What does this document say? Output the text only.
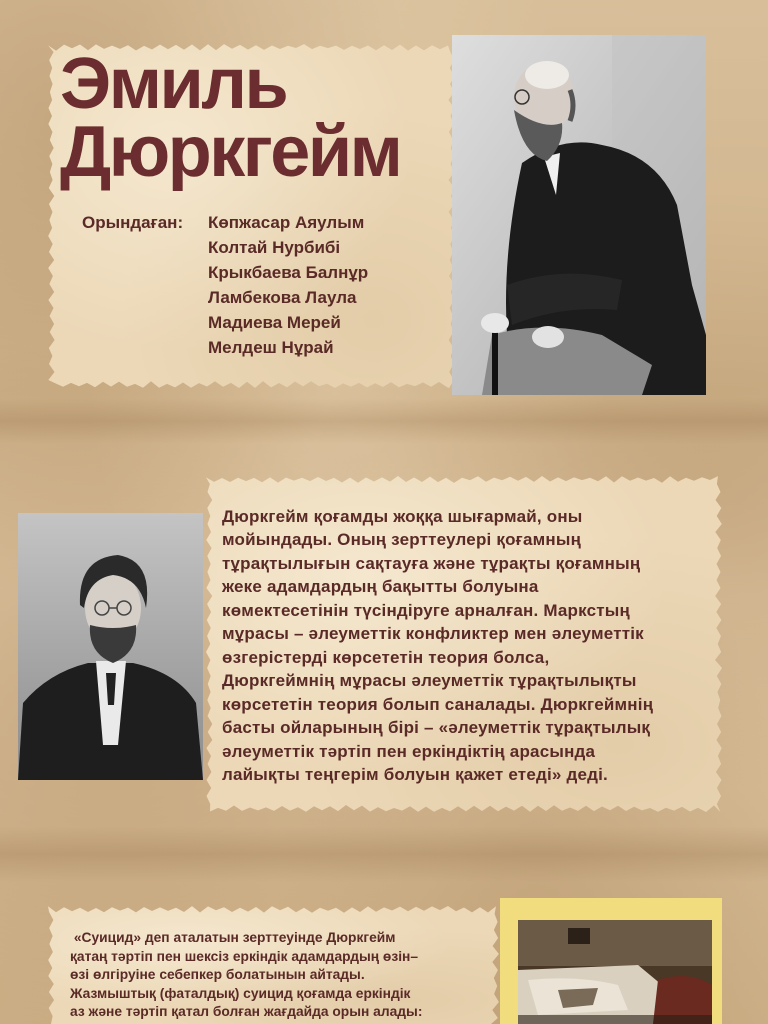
Эмиль
Дюркгейм
Орындаған:	Көпжасар Аяулым
Колтай Нурбибі
Крыкбаева Балнұр
Ламбекова Лаула
Мадиева Мерей
Мелдеш Нұрай
Дюркгейм қоғамды жоққа шығармай, оны
мойындады. Оның зерттеулері қоғамның
тұрақтылығын сақтауға және тұрақты қоғамның
жеке адамдардың бақытты болуына
көмектесетінін түсіндіруге арналған. Маркстың
мұрасы – әлеуметтік конфликтер мен әлеуметтік
өзгерістерді көрсететін теория болса,
Дюркгеймнің мұрасы әлеуметтік тұрақтылықты
көрсететін теория болып саналады. Дюркгеймнің
басты ойларының бірі – «әлеуметтік тұрақтылық
әлеуметтік тәртіп пен еркіндіктің арасында
лайықты теңгерім болуын қажет етеді» деді.
«Суицид» деп аталатын зерттеуінде Дюркгейм
қатаң тәртіп пен шексіз еркіндік адамдардың өзін–
өзі өлгіруіне себепкер болатынын айтады.
Жазмыштық (фаталдық) суицид қоғамда еркіндік
аз және тәртіп қатал болған жағдайда орын алады:
